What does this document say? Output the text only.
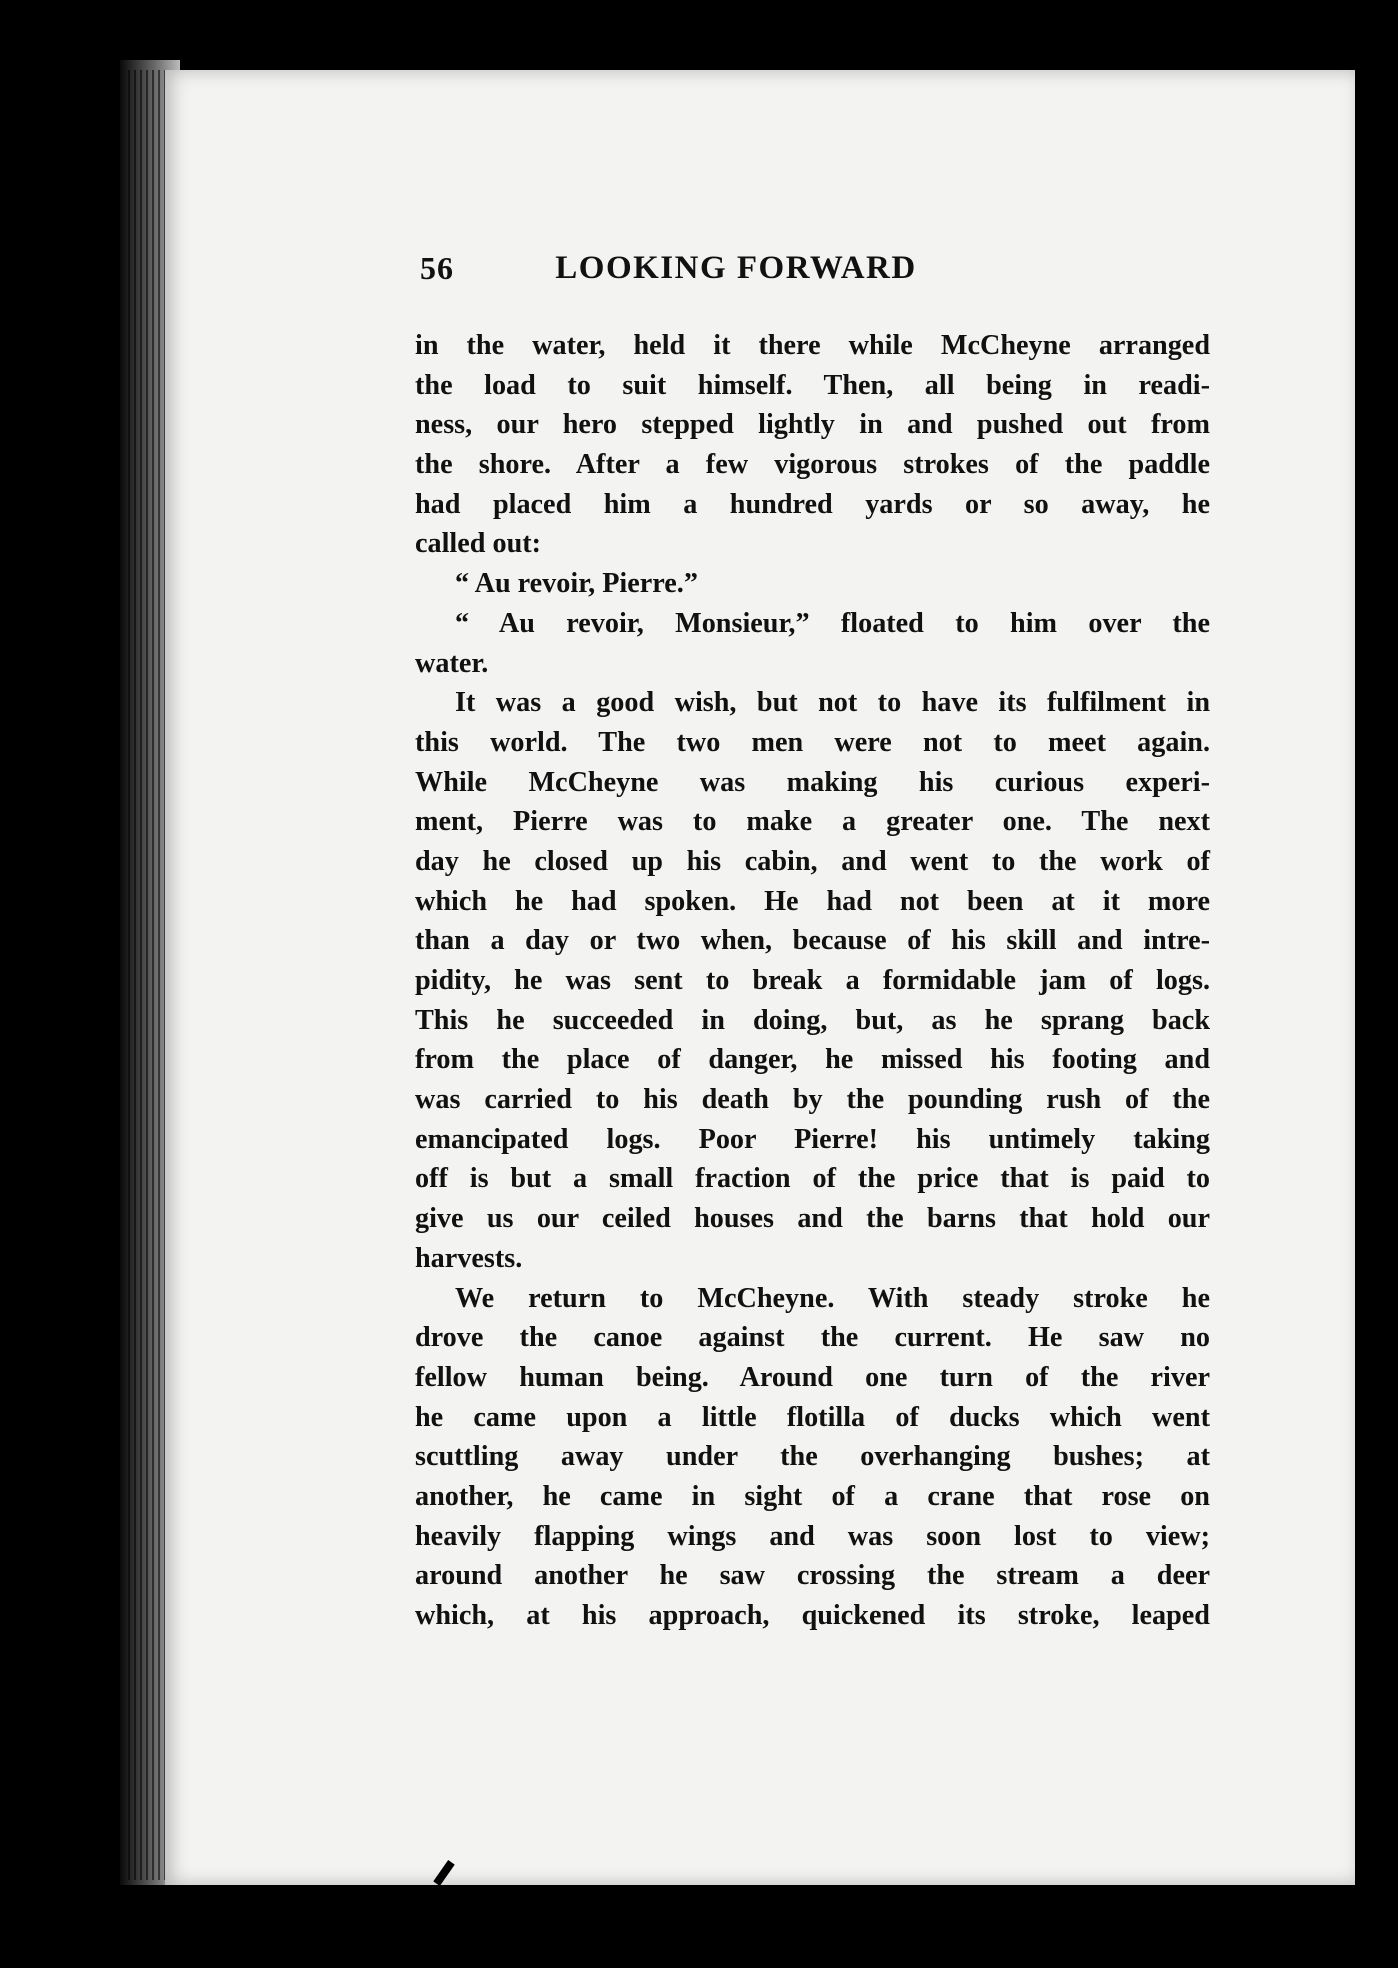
56	LOOKING FORWARD
in the water, held it there while McCheyne arranged
the load to suit himself. Then, all being in readi-
ness, our hero stepped lightly in and pushed out from
the shore. After a few vigorous strokes of the paddle
had placed him a hundred yards or so away, he
called out:
“ Au revoir, Pierre.”
“ Au revoir, Monsieur,” floated to him over the
water.
It was a good wish, but not to have its fulfilment in
this world. The two men were not to meet again.
While McCheyne was making his curious experi-
ment, Pierre was to make a greater one. The next
day he closed up his cabin, and went to the work of
which he had spoken. He had not been at it more
than a day or two when, because of his skill and intre-
pidity, he was sent to break a formidable jam of logs.
This he succeeded in doing, but, as he sprang back
from the place of danger, he missed his footing and
was carried to his death by the pounding rush of the
emancipated logs. Poor Pierre! his untimely taking
off is but a small fraction of the price that is paid to
give us our ceiled houses and the barns that hold our
harvests.
We return to McCheyne. With steady stroke he
drove the canoe against the current. He saw no
fellow human being. Around one turn of the river
he came upon a little flotilla of ducks which went
scuttling away under the overhanging bushes; at
another, he came in sight of a crane that rose on
heavily flapping wings and was soon lost to view;
around another he saw crossing the stream a deer
which, at his approach, quickened its stroke, leaped
